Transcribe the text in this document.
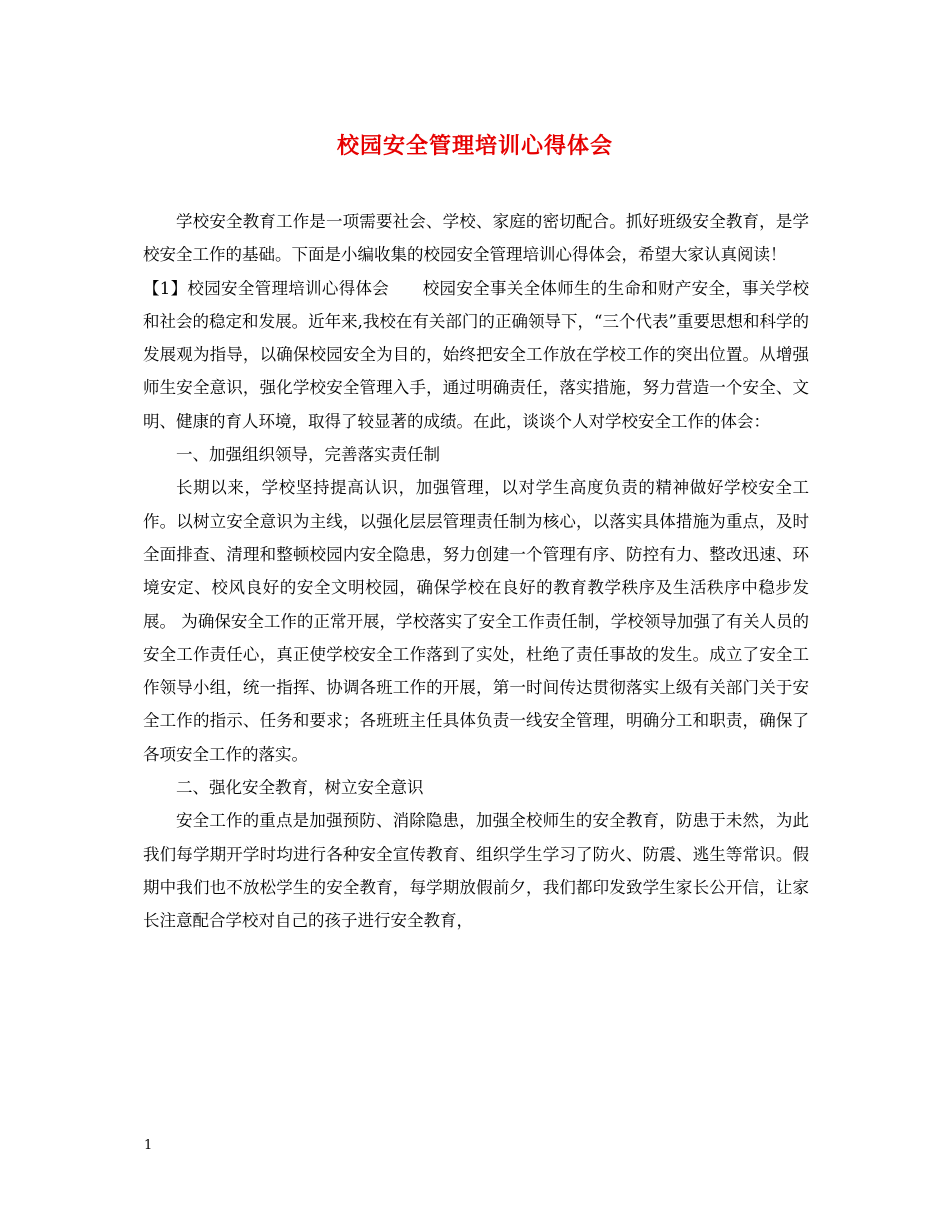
校园安全管理培训心得体会

学校安全教育工作是一项需要社会、学校、家庭的密切配合。抓好班级安全教育，是学校安全工作的基础。下面是小编收集的校园安全管理培训心得体会，希望大家认真阅读！

【1】校园安全管理培训心得体会　　校园安全事关全体师生的生命和财产安全，事关学校和社会的稳定和发展。近年来,我校在有关部门的正确领导下，“三个代表”重要思想和科学的发展观为指导，以确保校园安全为目的，始终把安全工作放在学校工作的突出位置。从增强师生安全意识，强化学校安全管理入手，通过明确责任，落实措施，努力营造一个安全、文明、健康的育人环境，取得了较显著的成绩。在此，谈谈个人对学校安全工作的体会：

一、加强组织领导，完善落实责任制

长期以来，学校坚持提高认识，加强管理，以对学生高度负责的精神做好学校安全工作。以树立安全意识为主线，以强化层层管理责任制为核心，以落实具体措施为重点，及时全面排查、清理和整顿校园内安全隐患，努力创建一个管理有序、防控有力、整改迅速、环境安定、校风良好的安全文明校园，确保学校在良好的教育教学秩序及生活秩序中稳步发展。 为确保安全工作的正常开展，学校落实了安全工作责任制，学校领导加强了有关人员的安全工作责任心，真正使学校安全工作落到了实处，杜绝了责任事故的发生。成立了安全工作领导小组，统一指挥、协调各班工作的开展，第一时间传达贯彻落实上级有关部门关于安全工作的指示、任务和要求；各班班主任具体负责一线安全管理，明确分工和职责，确保了各项安全工作的落实。

二、强化安全教育，树立安全意识

安全工作的重点是加强预防、消除隐患，加强全校师生的安全教育，防患于未然，为此我们每学期开学时均进行各种安全宣传教育、组织学生学习了防火、防震、逃生等常识。假期中我们也不放松学生的安全教育，每学期放假前夕，我们都印发致学生家长公开信，让家长注意配合学校对自己的孩子进行安全教育，

1
